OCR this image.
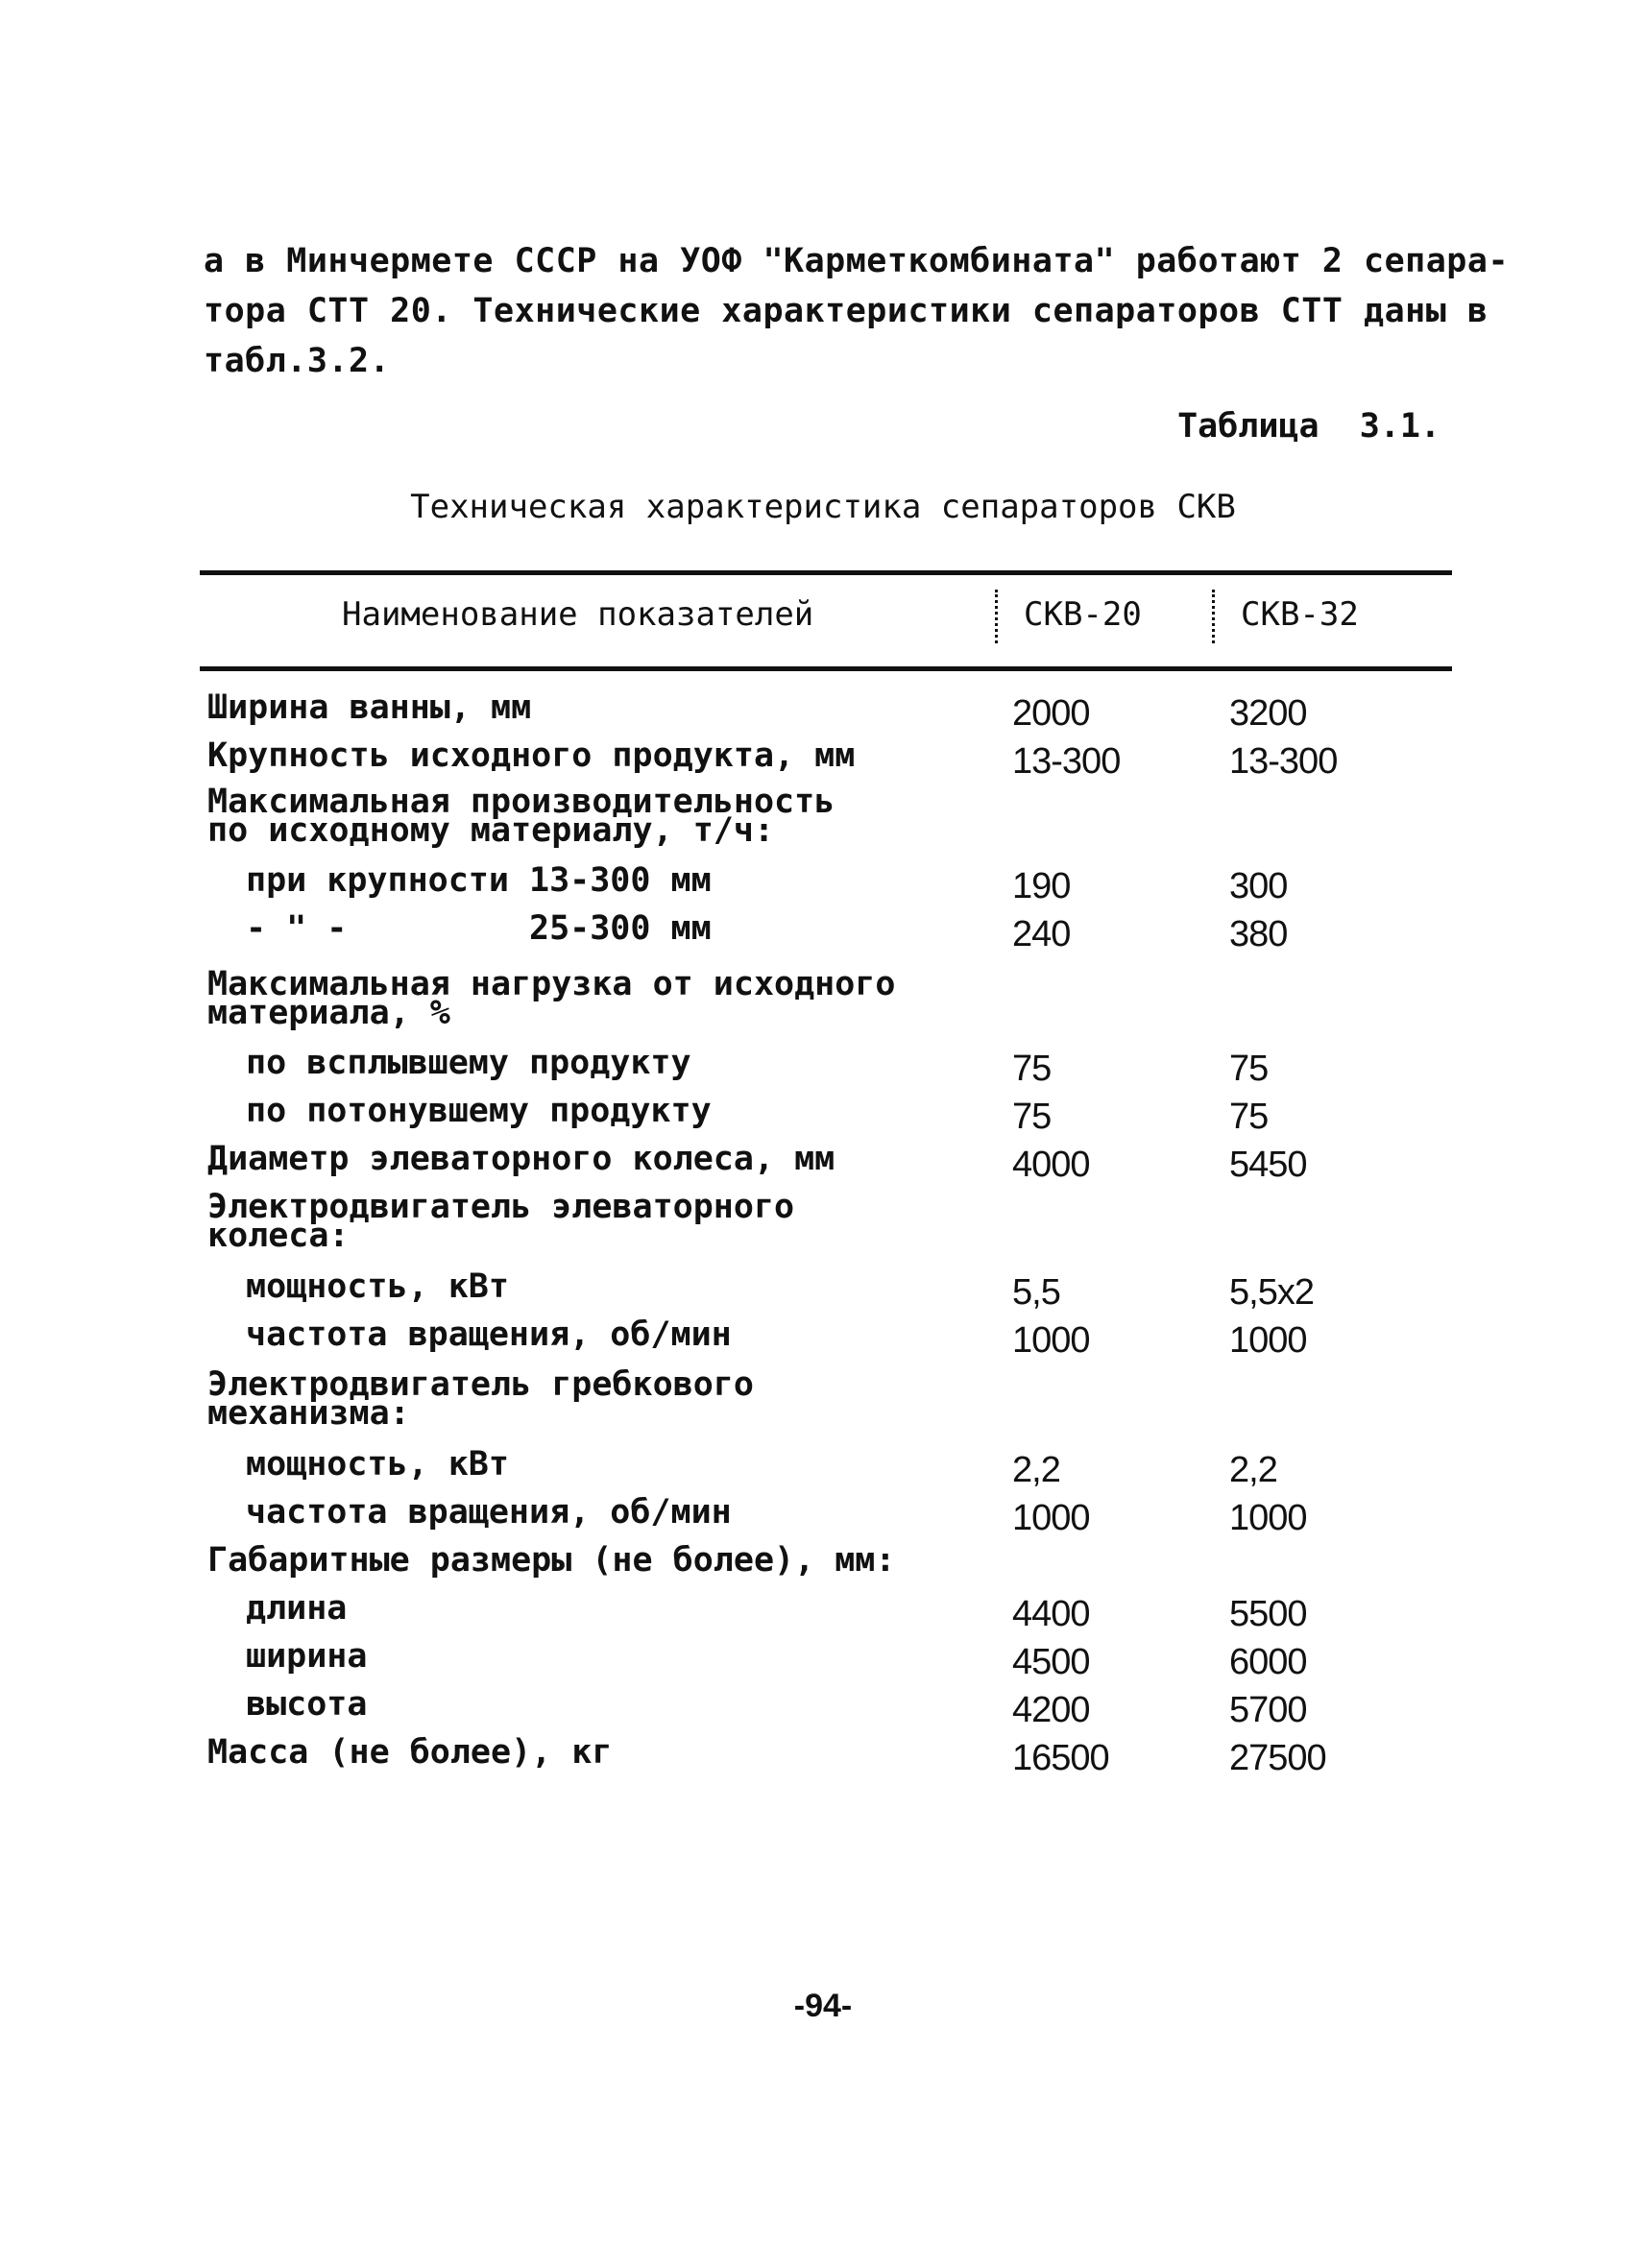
а в Минчермете СССР на УОФ "Карметкомбината" работают 2 сепара-
тора СТТ 20. Технические характеристики сепараторов СТТ даны в
табл.3.2.
Таблица  3.1.
Техническая характеристика сепараторов СКВ
Наименование показателей	СКВ-20	СКВ-32
Ширина ванны, мм	2000	3200
Крупность исходного продукта, мм	13-300	13-300
Максимальная производительность
по исходному материалу, т/ч:
при крупности 13-300 мм	190	300
- " -         25-300 мм	240	380
Максимальная нагрузка от исходного
материала, %
по всплывшему продукту	75	75
по потонувшему продукту	75	75
Диаметр элеваторного колеса, мм	4000	5450
Электродвигатель элеваторного
колеса:
мощность, кВт	5,5	5,5х2
частота вращения, об/мин	1000	1000
Электродвигатель гребкового
механизма:
мощность, кВт	2,2	2,2
частота вращения, об/мин	1000	1000
Габаритные размеры (не более), мм:
длина	4400	5500
ширина	4500	6000
высота	4200	5700
Масса (не более), кг	16500	27500
-94-
